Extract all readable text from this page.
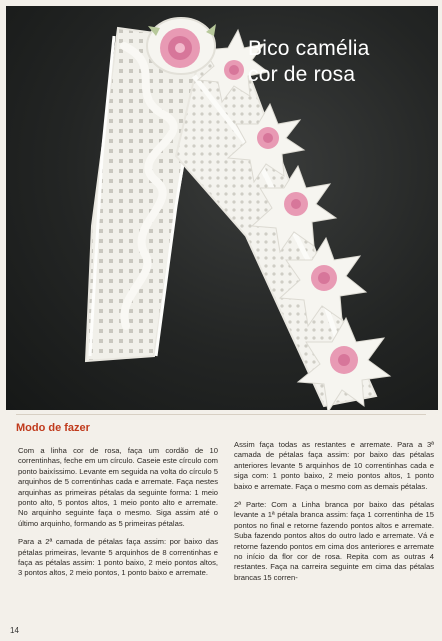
Bico camélia
cor de rosa
Modo de fazer

Com a linha cor de rosa, faça um cordão de 10 correntinhas, feche em um círculo. Caseie este círculo com ponto baixíssimo. Levante em seguida na volta do círculo 5 arquinhos de 5 correntinhas cada e arremate. Faça nestes arquinhas as primeiras pétalas da seguinte forma: 1 meio ponto alto, 5 pontos altos, 1 meio ponto alto e arremate. No arquinho seguinte faça o mesmo. Siga assim até o último arquinho, formando as 5 primeiras pétalas.

Para a 2ª camada de pétalas faça assim: por baixo das pétalas primeiras, levante 5 arquinhos de 8 correntinhas e faça as pétalas assim: 1 ponto baixo, 2 meio pontos altos, 3 pontos altos, 2 meio pontos, 1 ponto baixo e arremate.

Assim faça todas as restantes e arremate. Para a 3ª camada de pétalas faça assim: por baixo das pétalas anteriores levante 5 arquinhos de 10 correntinhas cada e siga com: 1 ponto baixo, 2 meio pontos altos, 1 ponto baixo e arremate. Faça o mesmo com as demais pétalas.

2ª Parte: Com a Linha branca por baixo das pétalas levante a 1ª pétala branca assim: faça 1 correntinha de 15 pontos no final e retorne fazendo pontos altos e arremate. Suba fazendo pontos altos do outro lado e arremate. Vá e retorne fazendo pontos em cima dos anteriores e arremate no início da flor cor de rosa. Repita com as outras 4 restantes. Faça na carreira seguinte em cima das pétalas brancas 15 corren-

14
